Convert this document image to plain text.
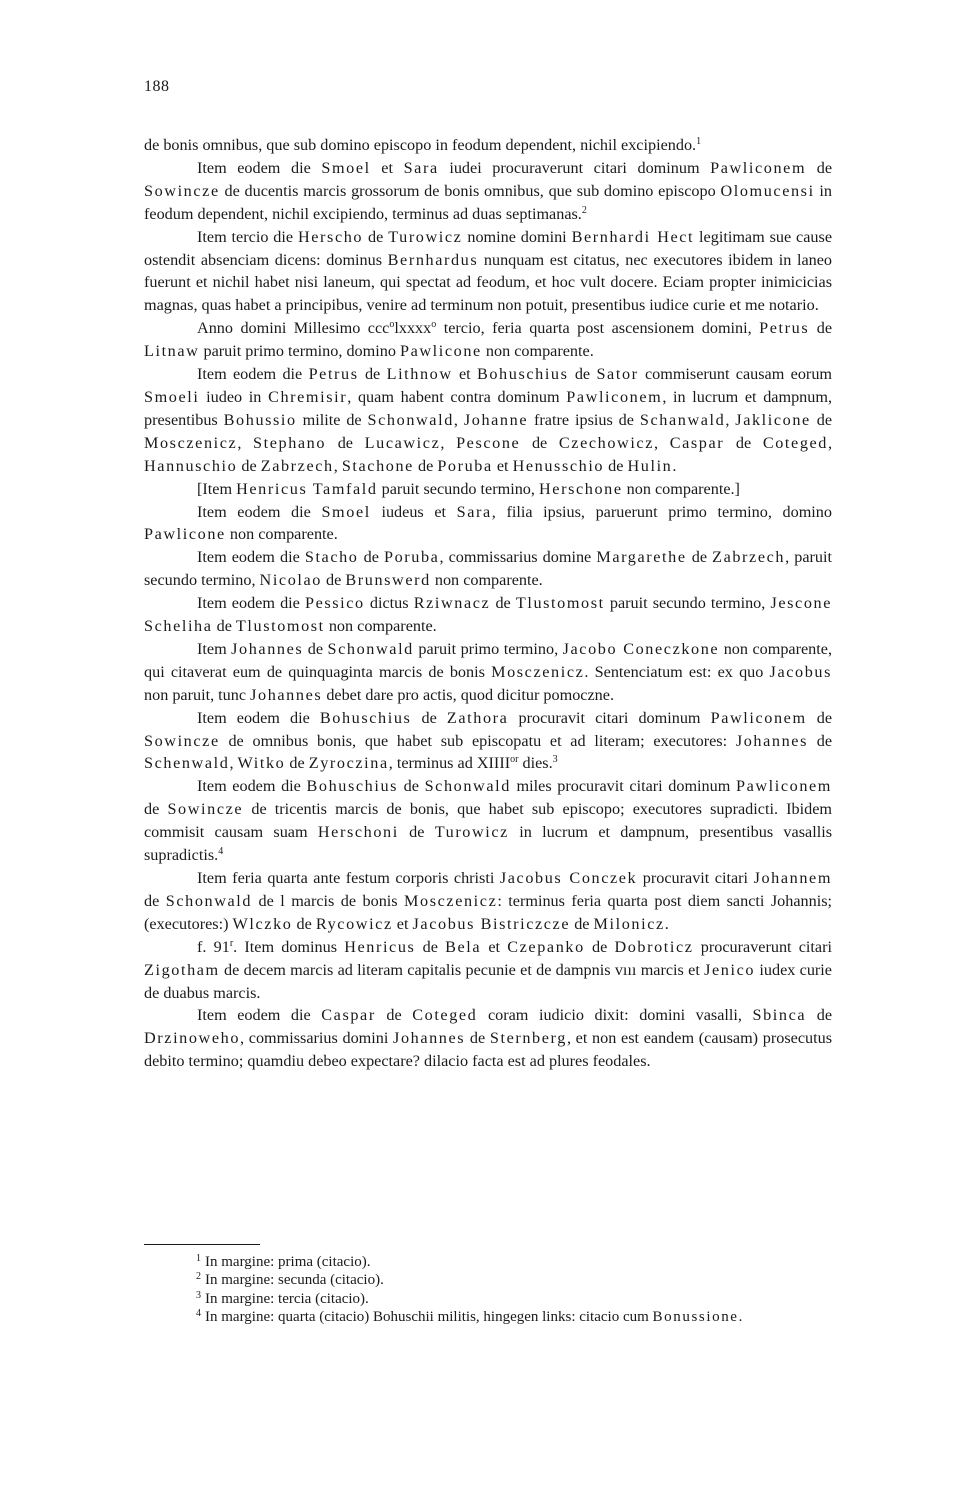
188

de bonis omnibus, que sub domino episcopo in feodum dependent, nichil excipiendo.$^1$

Item eodem die Smoel et Sara iudei procuraverunt citari dominum Pawliconem de Sowincze de ducentis marcis grossorum de bonis omnibus, que sub domino episcopo Olomucensi in feodum dependent, nichil excipiendo, terminus ad duas septimanas.$^2$

Item tercio die Herscho de Turowicz nomine domini Bernhardi Hect legitimam sue cause ostendit absenciam dicens: dominus Bernhardus nunquam est citatus, nec executores ibidem in laneo fuerunt et nichil habet nisi laneum, qui spectat ad feodum, et hoc vult docere. Eciam propter inimicicias magnas, quas habet a principibus, venire ad terminum non potuit, presentibus iudice curie et me notario.

Anno domini Millesimo ccc$^o$lxxxx$^o$ tercio, feria quarta post ascensionem domini, Petrus de Litnaw paruit primo termino, domino Pawlicone non comparente.

Item eodem die Petrus de Lithnow et Bohuschius de Sator commiserunt causam eorum Smoeli iudeo in Chremisir, quam habent contra dominum Pawliconem, in lucrum et dampnum, presentibus Bohussio milite de Schonwald, Johanne fratre ipsius de Schanwald, Jaklicone de Mosczenicz, Stephano de Lucawicz, Pescone de Czechowicz, Caspar de Coteged, Hannuschio de Zabrzech, Stachone de Poruba et Henusschio de Hulin.

[Item Henricus Tamfald paruit secundo termino, Herschone non comparente.]

Item eodem die Smoel iudeus et Sara, filia ipsius, paruerunt primo termino, domino Pawlicone non comparente.

Item eodem die Stacho de Poruba, commissarius domine Margarethe de Zabrzech, paruit secundo termino, Nicolao de Brunswerd non comparente.

Item eodem die Pessico dictus Rziwnacz de Tlustomost paruit secundo termino, Jescone Scheliha de Tlustomost non comparente.

Item Johannes de Schonwald paruit primo termino, Jacobo Coneczkone non comparente, qui citaverat eum de quinquaginta marcis de bonis Mosczenicz. Sentenciatum est: ex quo Jacobus non paruit, tunc Johannes debet dare pro actis, quod dicitur pomoczne.

Item eodem die Bohuschius de Zathora procuravit citari dominum Pawliconem de Sowincze de omnibus bonis, que habet sub episcopatu et ad literam; executores: Johannes de Schenwald, Witko de Zyroczina, terminus ad $XIIII^{or}$ dies.$^3$

Item eodem die Bohuschius de Schonwald miles procuravit citari dominum Pawliconem de Sowincze de tricentis marcis de bonis, que habet sub episcopo; executores supradicti. Ibidem commisit causam suam Herschoni de Turowicz in lucrum et dampnum, presentibus vasallis supradictis.$^4$

Item feria quarta ante festum corporis christi Jacobus Conczek procuravit citari Johannem de Schonwald de l marcis de bonis Mosczenicz: terminus feria quarta post diem sancti Johannis; (executores:) Wlczko de Rycowicz et Jacobus Bistriczcze de Milonicz.

f. 91$^r$. Item dominus Henricus de Bela et Czepanko de Dobroticz procuraverunt citari Zigotham de decem marcis ad literam capitalis pecunie et de dampnis vııı marcis et Jenico iudex curie de duabus marcis.

Item eodem die Caspar de Coteged coram iudicio dixit: domini vasalli, Sbinca de Drzinoweho, commissarius domini Johannes de Sternberg, et non est eandem (causam) prosecutus debito termino; quamdiu debeo expectare? dilacio facta est ad plures feodales.

$^1$ In margine: prima (citacio).

$^2$ In margine: secunda (citacio).

$^3$ In margine: tercia (citacio).

$^4$ In margine: quarta (citacio) Bohuschii militis, hingegen links: citacio cum Bonussione.
